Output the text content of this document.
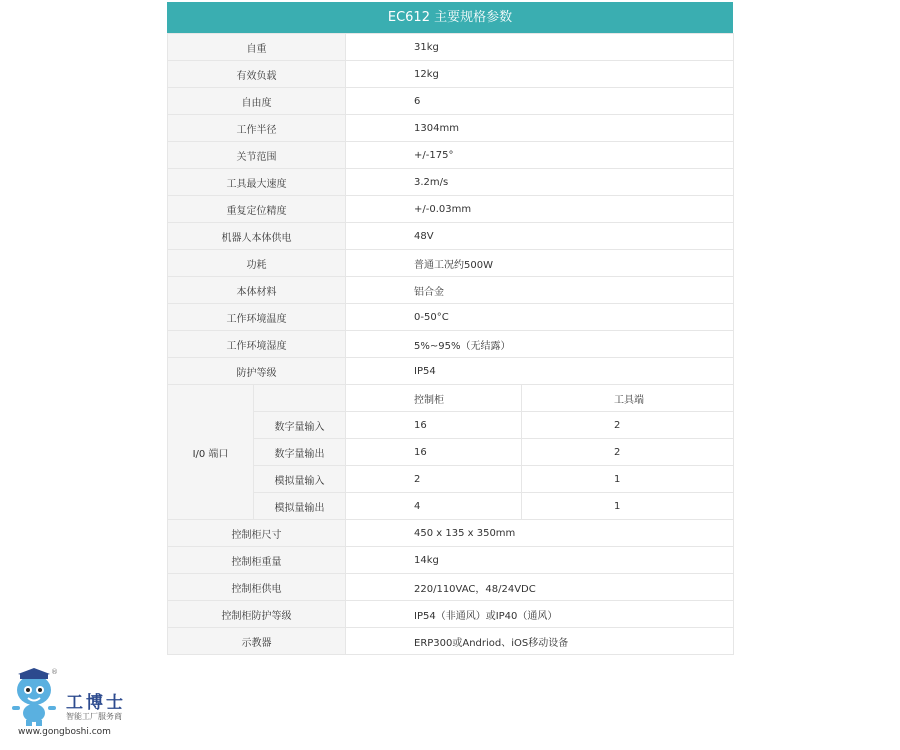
EC612 主要规格参数
自重		31kg	
有效负载		12kg	
自由度		6	
工作半径		1304mm	
关节范围		+/-175°	
工具最大速度		3.2m/s	
重复定位精度		+/-0.03mm	
机器人本体供电		48V	
功耗		普通工况约500W	
本体材料		铝合金	
工作环境温度		0-50°C	
工作环境湿度		5%~95%（无结露）	
防护等级		IP54	
I/0 端口		控制柜	工具端
	数字量输入	16	2
	数字量输出	16	2
	模拟量输入	2	1
	模拟量输出	4	1
控制柜尺寸		450 x 135 x 350mm	
控制柜重量		14kg	
控制柜供电		220/110VAC，48/24VDC	
控制柜防护等级		IP54（非通风）或IP40（通风）	
示教器		ERP300或Andriod、iOS移动设备	
®
工博士
智能工厂服务商
www.gongboshi.com
